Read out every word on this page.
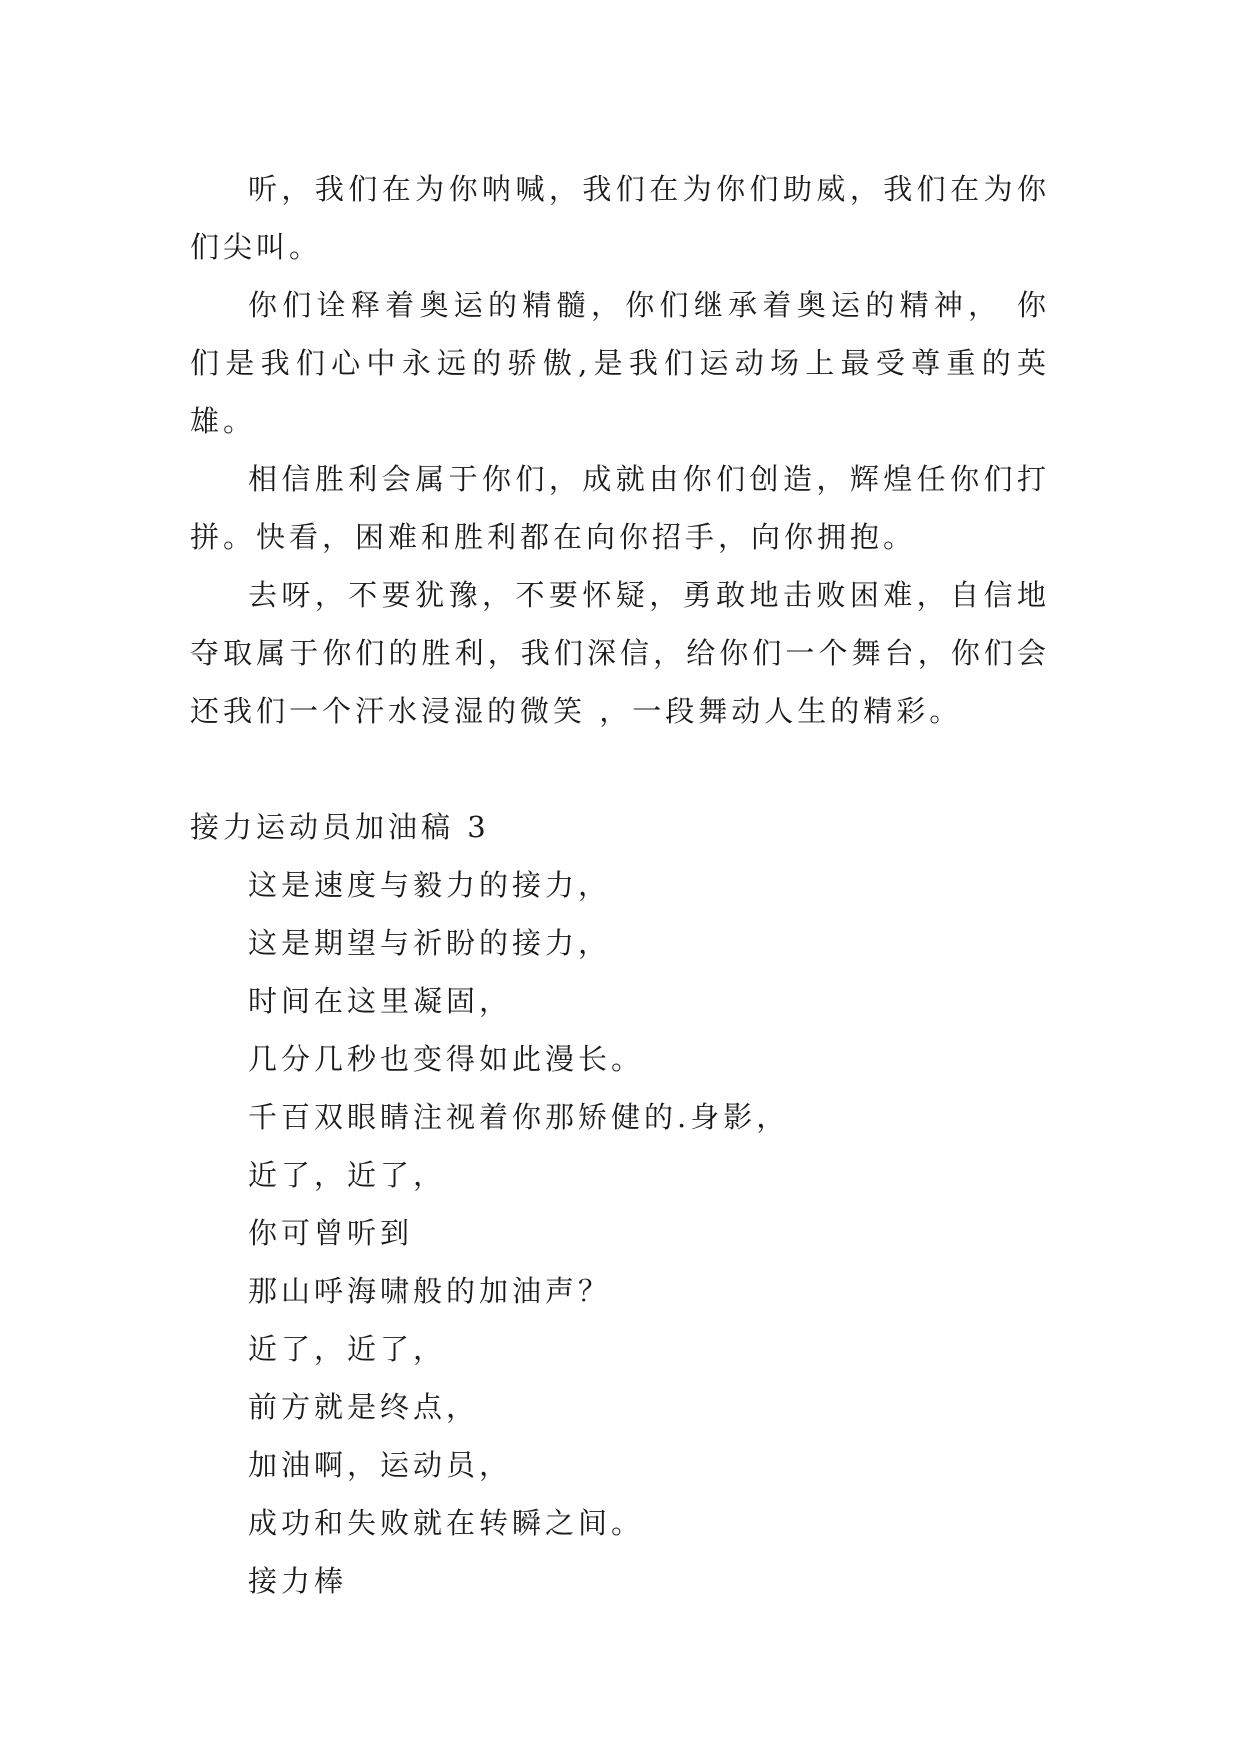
听，我们在为你呐喊，我们在为你们助威，我们在为你们尖叫。

你们诠释着奥运的精髓，你们继承着奥运的精神， 你们是我们心中永远的骄傲,是我们运动场上最受尊重的英雄。

相信胜利会属于你们，成就由你们创造，辉煌任你们打拼。快看，困难和胜利都在向你招手，向你拥抱。

去呀，不要犹豫，不要怀疑，勇敢地击败困难，自信地夺取属于你们的胜利，我们深信，给你们一个舞台，你们会还我们一个汗水浸湿的微笑 ，一段舞动人生的精彩。

接力运动员加油稿 3

这是速度与毅力的接力，

这是期望与祈盼的接力，

时间在这里凝固，

几分几秒也变得如此漫长。

千百双眼睛注视着你那矫健的.身影，

近了，近了，

你可曾听到

那山呼海啸般的加油声？

近了，近了，

前方就是终点，

加油啊，运动员，

成功和失败就在转瞬之间。

接力棒
